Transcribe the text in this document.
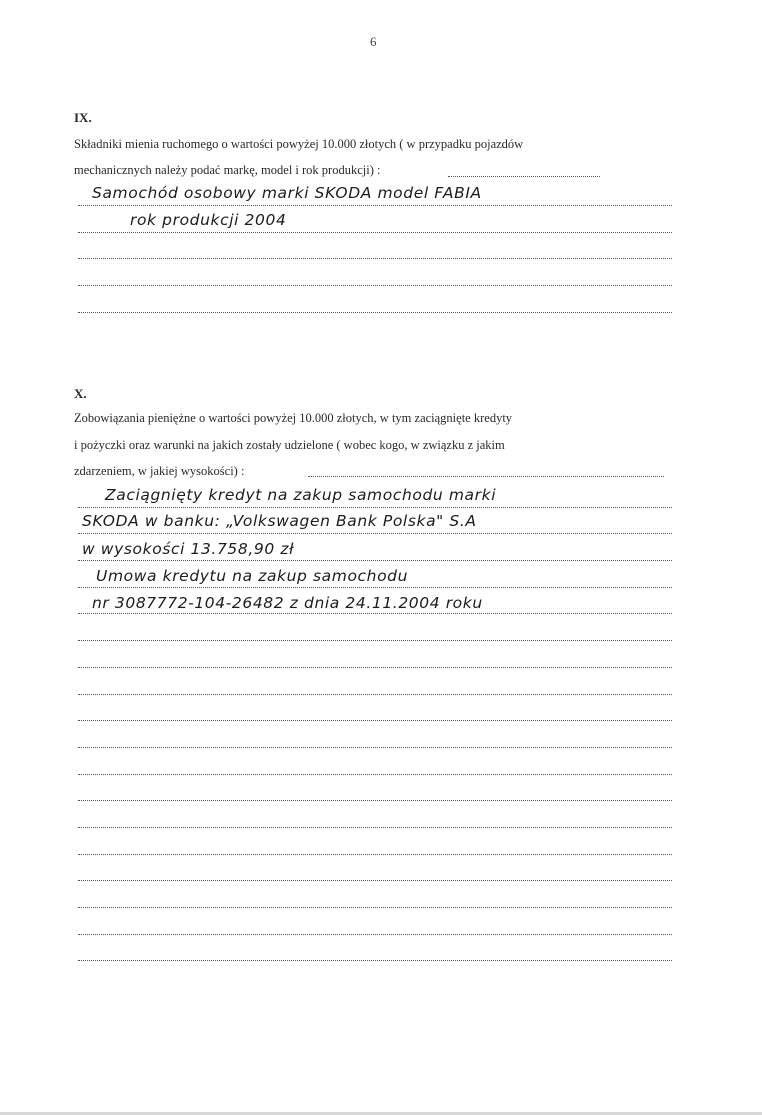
6
IX.
Składniki mienia ruchomego o wartości powyżej 10.000 złotych ( w przypadku pojazdów
mechanicznych należy podać markę, model i rok produkcji) :
Samochód osobowy marki SKODA model FABIA
rok produkcji 2004
X.
Zobowiązania pieniężne o wartości powyżej 10.000 złotych, w tym zaciągnięte kredyty
i pożyczki oraz warunki na jakich zostały udzielone ( wobec kogo, w związku z jakim
zdarzeniem, w jakiej wysokości) :
Zaciągnięty kredyt na zakup samochodu marki
SKODA w banku: „Volkswagen Bank Polska" S.A
w wysokości 13.758,90 zł
Umowa kredytu na zakup samochodu
nr 3087772-104-26482 z dnia 24.11.2004 roku
